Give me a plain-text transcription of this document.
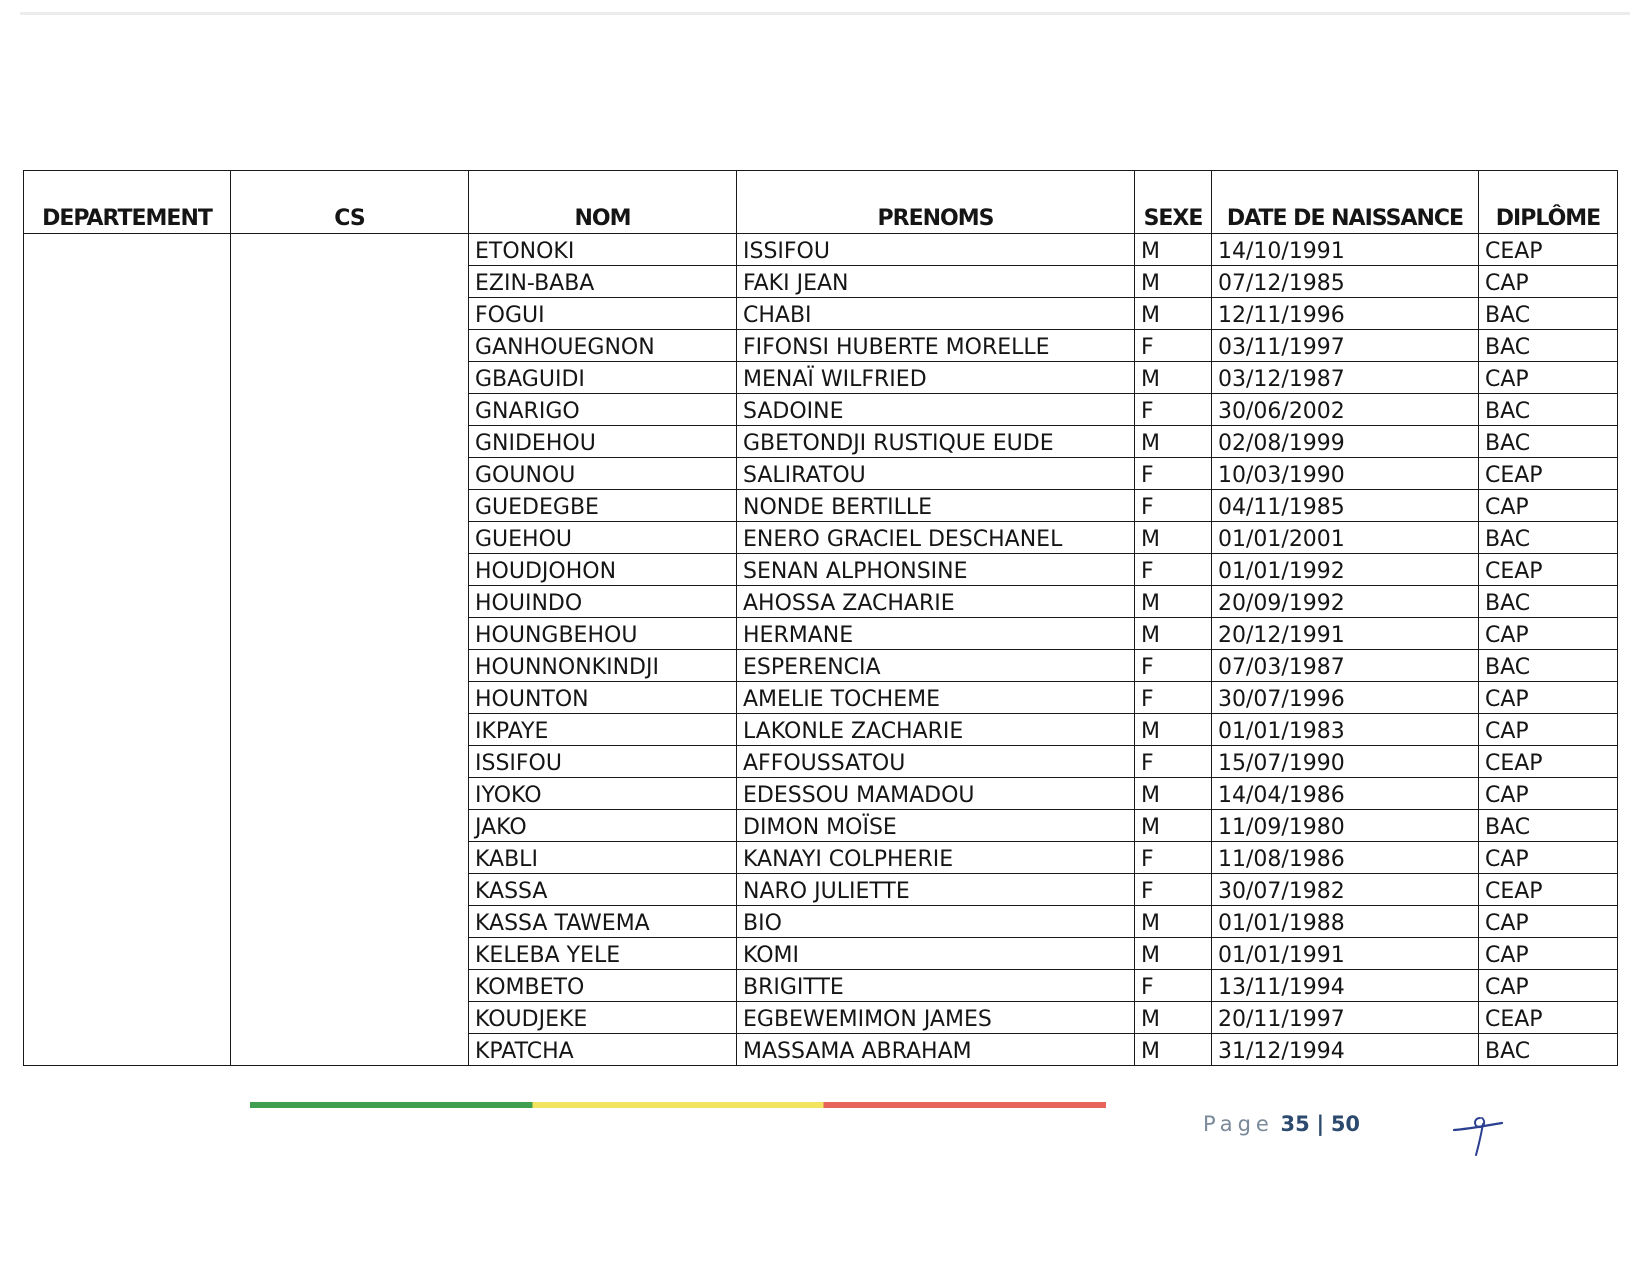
DEPARTEMENT	CS	NOM	PRENOMS	SEXE	DATE DE NAISSANCE	DIPLÔME
		ETONOKI	ISSIFOU	M	14/10/1991	CEAP
		EZIN-BABA	FAKI JEAN	M	07/12/1985	CAP
		FOGUI	CHABI	M	12/11/1996	BAC
		GANHOUEGNON	FIFONSI HUBERTE MORELLE	F	03/11/1997	BAC
		GBAGUIDI	MENAÏ WILFRIED	M	03/12/1987	CAP
		GNARIGO	SADOINE	F	30/06/2002	BAC
		GNIDEHOU	GBETONDJI RUSTIQUE EUDE	M	02/08/1999	BAC
		GOUNOU	SALIRATOU	F	10/03/1990	CEAP
		GUEDEGBE	NONDE BERTILLE	F	04/11/1985	CAP
		GUEHOU	ENERO GRACIEL DESCHANEL	M	01/01/2001	BAC
		HOUDJOHON	SENAN ALPHONSINE	F	01/01/1992	CEAP
		HOUINDO	AHOSSA ZACHARIE	M	20/09/1992	BAC
		HOUNGBEHOU	HERMANE	M	20/12/1991	CAP
		HOUNNONKINDJI	ESPERENCIA	F	07/03/1987	BAC
		HOUNTON	AMELIE TOCHEME	F	30/07/1996	CAP
		IKPAYE	LAKONLE ZACHARIE	M	01/01/1983	CAP
		ISSIFOU	AFFOUSSATOU	F	15/07/1990	CEAP
		IYOKO	EDESSOU MAMADOU	M	14/04/1986	CAP
		JAKO	DIMON MOÏSE	M	11/09/1980	BAC
		KABLI	KANAYI COLPHERIE	F	11/08/1986	CAP
		KASSA	NARO JULIETTE	F	30/07/1982	CEAP
		KASSA TAWEMA	BIO	M	01/01/1988	CAP
		KELEBA YELE	KOMI	M	01/01/1991	CAP
		KOMBETO	BRIGITTE	F	13/11/1994	CAP
		KOUDJEKE	EGBEWEMIMON JAMES	M	20/11/1997	CEAP
		KPATCHA	MASSAMA ABRAHAM	M	31/12/1994	BAC
Page 35 | 50
